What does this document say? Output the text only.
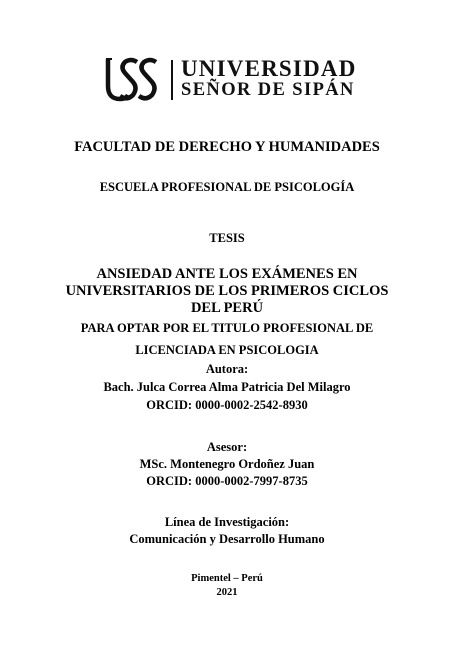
UNIVERSIDAD
SEÑOR DE SIPÁN
FACULTAD DE DERECHO Y HUMANIDADES
ESCUELA PROFESIONAL DE PSICOLOGÍA
TESIS
ANSIEDAD ANTE LOS EXÁMENES EN
UNIVERSITARIOS DE LOS PRIMEROS CICLOS
DEL PERÚ
PARA OPTAR POR EL TITULO PROFESIONAL DE
LICENCIADA EN PSICOLOGIA
Autora:
Bach. Julca Correa Alma Patricia Del Milagro
ORCID: 0000-0002-2542-8930
Asesor:
MSc. Montenegro Ordoñez Juan
ORCID: 0000-0002-7997-8735
Línea de Investigación:
Comunicación y Desarrollo Humano
Pimentel – Perú
2021
